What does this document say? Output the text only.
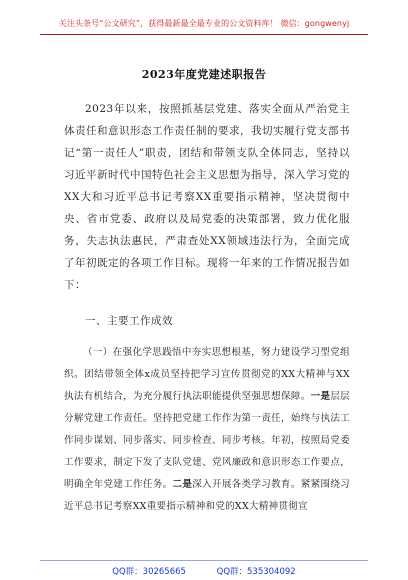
关注头条号“公文研究”，获得最新最全最专业的公文资料库！ 微信：gongwenyj
2023年度党建述职报告

2023年以来，按照抓基层党建、落实全面从严治党主体责任和意识形态工作责任制的要求，我切实履行党支部书记“第一责任人”职责，团结和带领支队全体同志，坚持以习近平新时代中国特色社会主义思想为指导，深入学习党的XX大和习近平总书记考察XX重要指示精神，坚决贯彻中央、省市党委、政府以及局党委的决策部署，致力优化服务，失志执法惠民，严肃查处XX领域违法行为，全面完成了年初既定的各项工作目标。现将一年来的工作情况报告如下：

一、主要工作成效

（一）在强化学思践悟中夯实思想根基，努力建设学习型党组织。团结带领全体x成员坚持把学习宣传贯彻党的XX大精神与XX执法有机结合，为充分履行执法职能提供坚强思想保障。一是层层分解党建工作责任。坚持把党建工作作为第一责任，始终与执法工作同步谋划、同步落实、同步检查、同步考核。年初，按照局党委工作要求，制定下发了支队党建、党风廉政和意识形态工作要点，明确全年党建工作任务。二是深入开展各类学习教育。紧紧围绕习近平总书记考察XX重要指示精神和党的XX大精神贯彻宣

QQ群：30265665	QQ群：535304092
